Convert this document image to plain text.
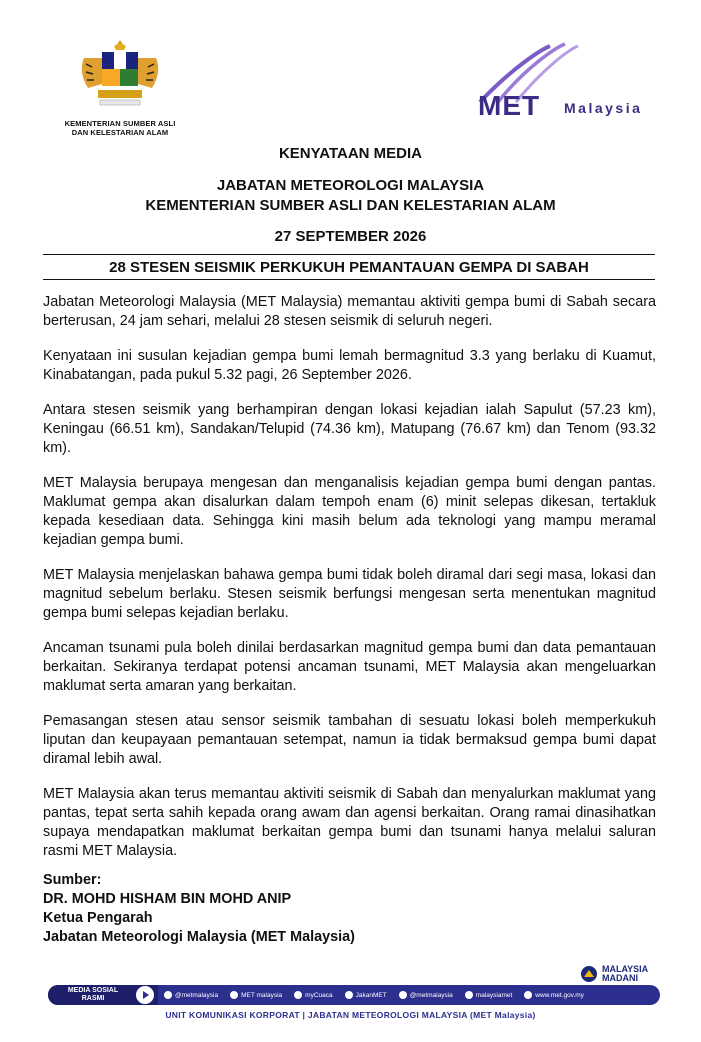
KEMENTERIAN SUMBER ASLI
DAN KELESTARIAN ALAM
MET Malaysia
KENYATAAN MEDIA
JABATAN METEOROLOGI MALAYSIA
KEMENTERIAN SUMBER ASLI DAN KELESTARIAN ALAM
27 SEPTEMBER 2026
28 STESEN SEISMIK PERKUKUH PEMANTAUAN GEMPA DI SABAH

Jabatan Meteorologi Malaysia (MET Malaysia) memantau aktiviti gempa bumi di Sabah secara berterusan, 24 jam sehari, melalui 28 stesen seismik di seluruh negeri.

Kenyataan ini susulan kejadian gempa bumi lemah bermagnitud 3.3 yang berlaku di Kuamut, Kinabatangan, pada pukul 5.32 pagi, 26 September 2026.

Antara stesen seismik yang berhampiran dengan lokasi kejadian ialah Sapulut (57.23 km), Keningau (66.51 km), Sandakan/Telupid (74.36 km), Matupang (76.67 km) dan Tenom (93.32 km).

MET Malaysia berupaya mengesan dan menganalisis kejadian gempa bumi dengan pantas. Maklumat gempa akan disalurkan dalam tempoh enam (6) minit selepas dikesan, tertakluk kepada kesediaan data. Sehingga kini masih belum ada teknologi yang mampu meramal kejadian gempa bumi.

MET Malaysia menjelaskan bahawa gempa bumi tidak boleh diramal dari segi masa, lokasi dan magnitud sebelum berlaku. Stesen seismik berfungsi mengesan serta menentukan magnitud gempa bumi selepas kejadian berlaku.

Ancaman tsunami pula boleh dinilai berdasarkan magnitud gempa bumi dan data pemantauan berkaitan. Sekiranya terdapat potensi ancaman tsunami, MET Malaysia akan mengeluarkan maklumat serta amaran yang berkaitan.

Pemasangan stesen atau sensor seismik tambahan di sesuatu lokasi boleh memperkukuh liputan dan keupayaan pemantauan setempat, namun ia tidak bermaksud gempa bumi dapat diramal lebih awal.

MET Malaysia akan terus memantau aktiviti seismik di Sabah dan menyalurkan maklumat yang pantas, tepat serta sahih kepada orang awam dan agensi berkaitan. Orang ramai dinasihatkan supaya mendapatkan maklumat berkaitan gempa bumi dan tsunami hanya melalui saluran rasmi MET Malaysia.

Sumber:
DR. MOHD HISHAM BIN MOHD ANIP
Ketua Pengarah
Jabatan Meteorologi Malaysia (MET Malaysia)
MALAYSIA
MADANI
MEDIA SOSIAL
RASMI	@metmalaysia	MET malaysia	myCuaca	JakanMET	@metmalaysia	malaysiamet	www.met.gov.my
UNIT KOMUNIKASI KORPORAT | JABATAN METEOROLOGI MALAYSIA (MET Malaysia)
